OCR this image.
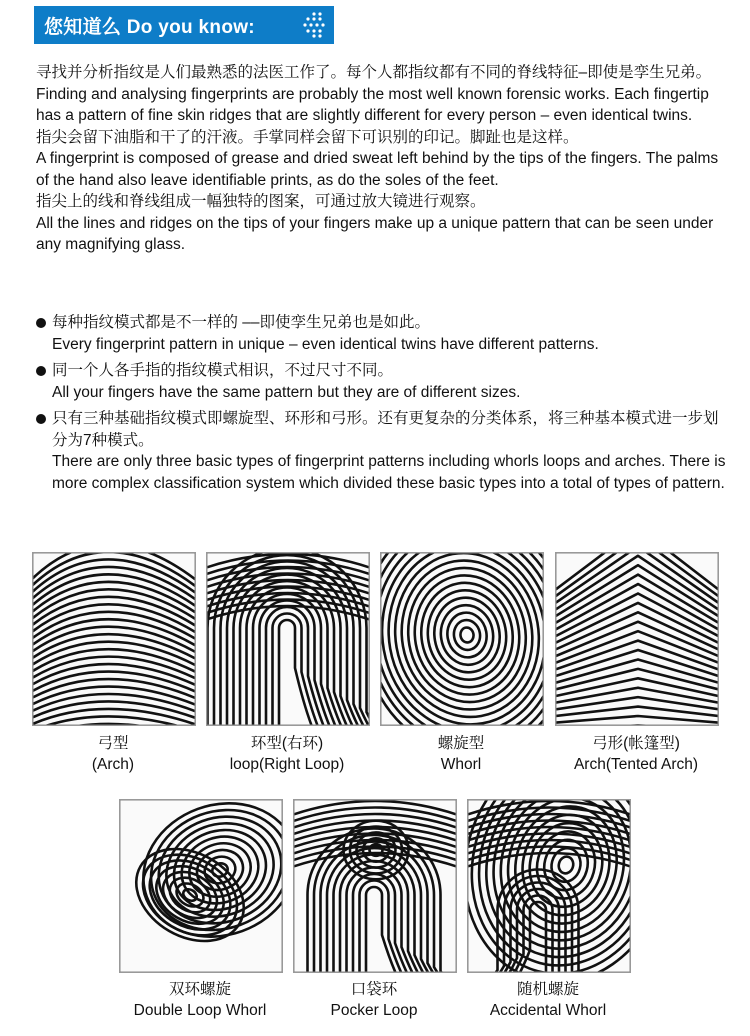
您知道么 Do you know:

寻找并分析指纹是人们最熟悉的法医工作了。每个人都指纹都有不同的脊线特征–即使是孪生兄弟。

Finding and analysing fingerprints are probably the most well known forensic works. Each fingertip has a pattern of fine skin ridges that are slightly different for every person – even identical twins.

指尖会留下油脂和干了的汗液。手掌同样会留下可识别的印记。脚趾也是这样。

A fingerprint is composed of grease and dried sweat left behind by the tips of the fingers. The palms of the hand also leave identifiable prints, as do the soles of the feet.

指尖上的线和脊线组成一幅独特的图案，可通过放大镜进行观察。

All the lines and ridges on the tips of your fingers make up a unique pattern that can be seen under any magnifying glass.

每种指纹模式都是不一样的 ––即使孪生兄弟也是如此。

Every fingerprint pattern in unique – even identical twins have different patterns.

同一个人各手指的指纹模式相识，不过尺寸不同。

All your fingers have the same pattern but they are of different sizes.

只有三种基础指纹模式即螺旋型、环形和弓形。还有更复杂的分类体系，将三种基本模式进一步划分为7种模式。

There are only three basic types of fingerprint patterns including whorls loops and arches. There is more complex classification system which divided these basic types into a total of types of pattern.

弓型
(Arch)
环型(右环)
loop(Right Loop)
螺旋型
Whorl
弓形(帐篷型)
Arch(Tented Arch)
双环螺旋
Double Loop Whorl
口袋环
Pocker Loop
随机螺旋
Accidental Whorl
